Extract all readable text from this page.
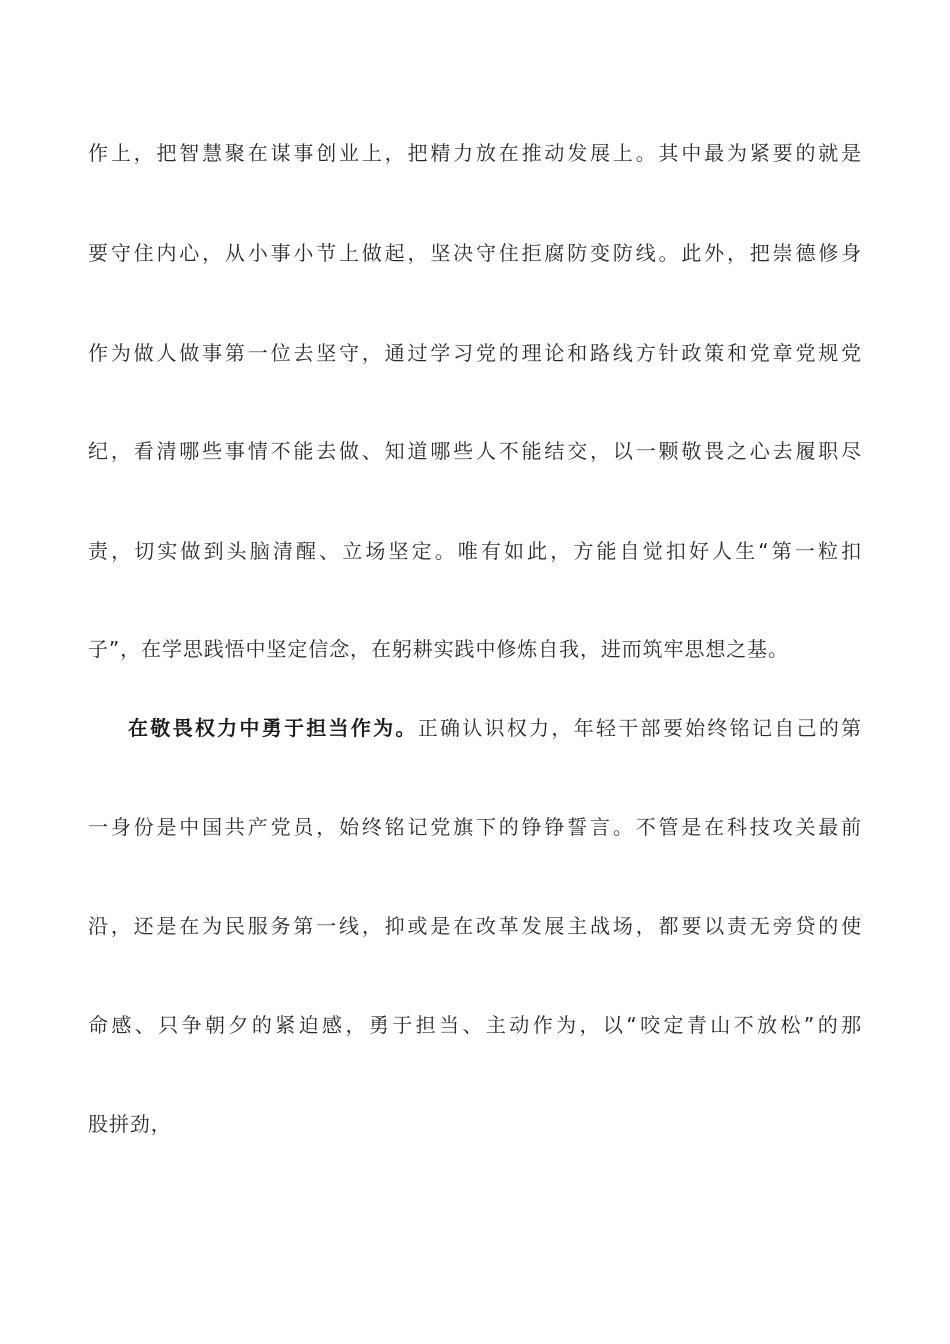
作上，把智慧聚在谋事创业上，把精力放在推动发展上。其中最为紧要的就是
要守住内心，从小事小节上做起，坚决守住拒腐防变防线。此外，把崇德修身
作为做人做事第一位去坚守，通过学习党的理论和路线方针政策和党章党规党
纪，看清哪些事情不能去做、知道哪些人不能结交，以一颗敬畏之心去履职尽
责，切实做到头脑清醒、立场坚定。唯有如此，方能自觉扣好人生“第一粒扣
子”，在学思践悟中坚定信念，在躬耕实践中修炼自我，进而筑牢思想之基。
在敬畏权力中勇于担当作为。正确认识权力，年轻干部要始终铭记自己的第
一身份是中国共产党员，始终铭记党旗下的铮铮誓言。不管是在科技攻关最前
沿，还是在为民服务第一线，抑或是在改革发展主战场，都要以责无旁贷的使
命感、只争朝夕的紧迫感，勇于担当、主动作为，以“咬定青山不放松”的那
股拼劲，
